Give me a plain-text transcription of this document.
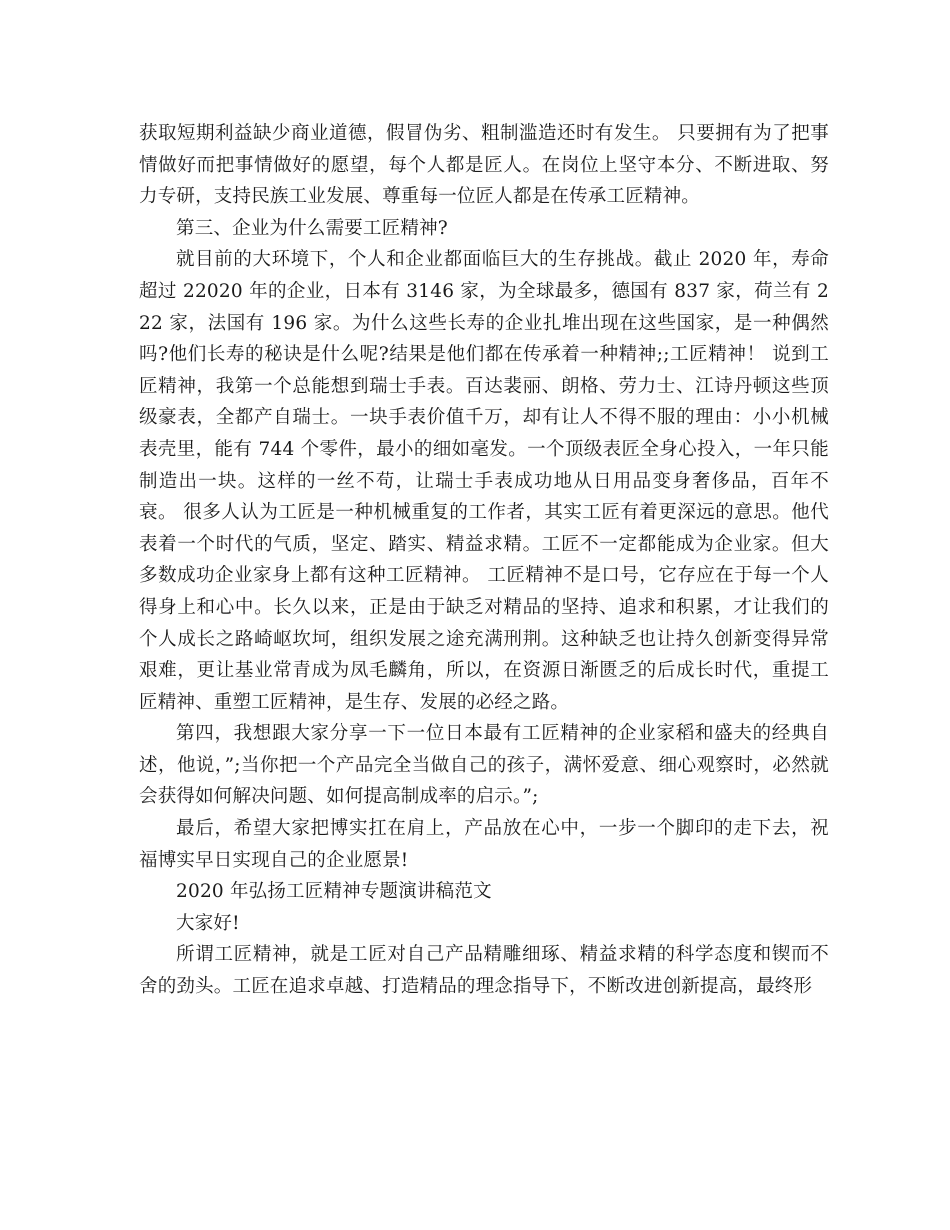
获取短期利益缺少商业道德，假冒伪劣、粗制滥造还时有发生。 只要拥有为了把事情做好而把事情做好的愿望，每个人都是匠人。在岗位上坚守本分、不断进取、努力专研，支持民族工业发展、尊重每一位匠人都是在传承工匠精神。

第三、企业为什么需要工匠精神?

就目前的大环境下，个人和企业都面临巨大的生存挑战。截止 2020 年，寿命超过 22020 年的企业，日本有 3146 家，为全球最多，德国有 837 家，荷兰有 222 家，法国有 196 家。为什么这些长寿的企业扎堆出现在这些国家，是一种偶然吗?他们长寿的秘诀是什么呢?结果是他们都在传承着一种精神;;工匠精神！ 说到工匠精神，我第一个总能想到瑞士手表。百达裴丽、朗格、劳力士、江诗丹顿这些顶级豪表，全都产自瑞士。一块手表价值千万，却有让人不得不服的理由：小小机械表壳里，能有 744 个零件，最小的细如毫发。一个顶级表匠全身心投入，一年只能制造出一块。这样的一丝不苟，让瑞士手表成功地从日用品变身奢侈品，百年不衰。 很多人认为工匠是一种机械重复的工作者，其实工匠有着更深远的意思。他代表着一个时代的气质，坚定、踏实、精益求精。工匠不一定都能成为企业家。但大多数成功企业家身上都有这种工匠精神。 工匠精神不是口号，它存应在于每一个人得身上和心中。长久以来，正是由于缺乏对精品的坚持、追求和积累，才让我们的个人成长之路崎岖坎坷，组织发展之途充满刑荆。这种缺乏也让持久创新变得异常艰难，更让基业常青成为凤毛麟角，所以，在资源日渐匮乏的后成长时代，重提工匠精神、重塑工匠精神，是生存、发展的必经之路。

第四，我想跟大家分享一下一位日本最有工匠精神的企业家稻和盛夫的经典自述，他说，”;当你把一个产品完全当做自己的孩子，满怀爱意、细心观察时，必然就会获得如何解决问题、如何提高制成率的启示。”;

最后，希望大家把博实扛在肩上，产品放在心中，一步一个脚印的走下去，祝福博实早日实现自己的企业愿景!

2020 年弘扬工匠精神专题演讲稿范文

大家好!

所谓工匠精神，就是工匠对自己产品精雕细琢、精益求精的科学态度和锲而不舍的劲头。工匠在追求卓越、打造精品的理念指导下，不断改进创新提高，最终形
